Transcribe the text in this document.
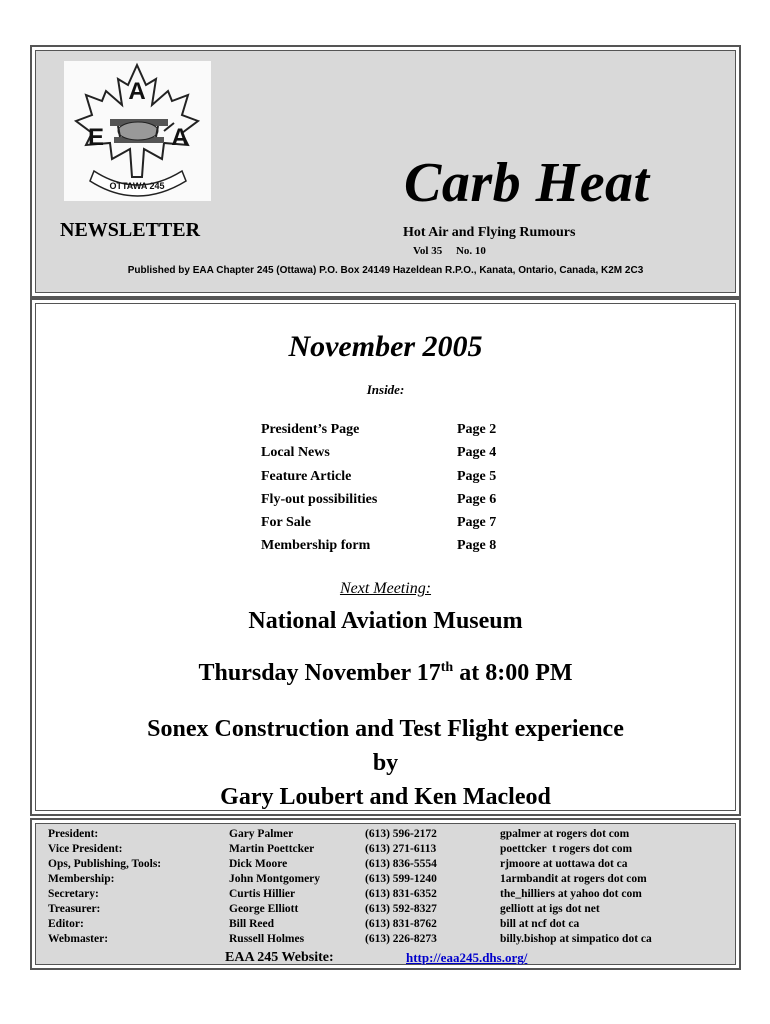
A
E	A
OTTAWA 245	Carb Heat
NEWSLETTER	Hot Air and Flying Rumours
Vol 35     No. 10
Published by EAA Chapter 245 (Ottawa) P.O. Box 24149 Hazeldean R.P.O., Kanata, Ontario, Canada, K2M 2C3
November 2005
Inside:
President’s Page	Page 2
Local News	Page 4
Feature Article	Page 5
Fly-out possibilities	Page 6
For Sale	Page 7
Membership form	Page 8
Next Meeting:
National Aviation Museum
Thursday November 17th at 8:00 PM
Sonex Construction and Test Flight experience
by
Gary Loubert and Ken Macleod
President:	Gary Palmer	(613) 596-2172	gpalmer at rogers dot com
Vice President:	Martin Poettcker	(613) 271-6113	poettcker  t rogers dot com
Ops, Publishing, Tools:	Dick Moore	(613) 836-5554	rjmoore at uottawa dot ca
Membership:	John Montgomery	(613) 599-1240	1armbandit at rogers dot com
Secretary:	Curtis Hillier	(613) 831-6352	the_hilliers at yahoo dot com
Treasurer:	George Elliott	(613) 592-8327	gelliott at igs dot net
Editor:	Bill Reed	(613) 831-8762	bill at ncf dot ca
Webmaster:	Russell Holmes	(613) 226-8273	billy.bishop at simpatico dot ca
EAA 245 Website:	http://eaa245.dhs.org/
